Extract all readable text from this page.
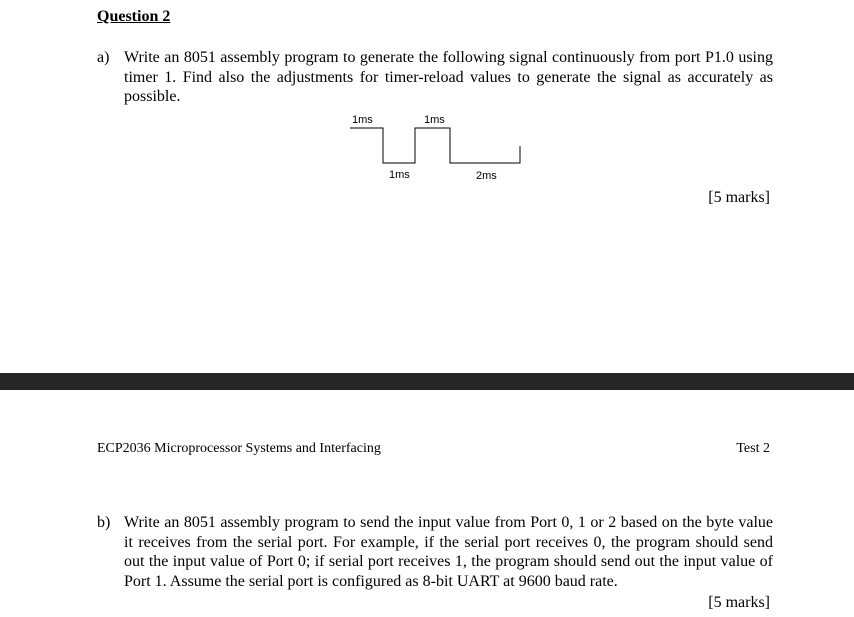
Question 2
a) Write an 8051 assembly program to generate the following signal continuously from port P1.0 using timer 1. Find also the adjustments for timer-reload values to generate the signal as accurately as possible.
1ms	1ms
1ms	2ms
[5 marks]
ECP2036 Microprocessor Systems and Interfacing	Test 2
b) Write an 8051 assembly program to send the input value from Port 0, 1 or 2 based on the byte value it receives from the serial port. For example, if the serial port receives 0, the program should send out the input value of Port 0; if serial port receives 1, the program should send out the input value of Port 1. Assume the serial port is configured as 8-bit UART at 9600 baud rate.
[5 marks]
